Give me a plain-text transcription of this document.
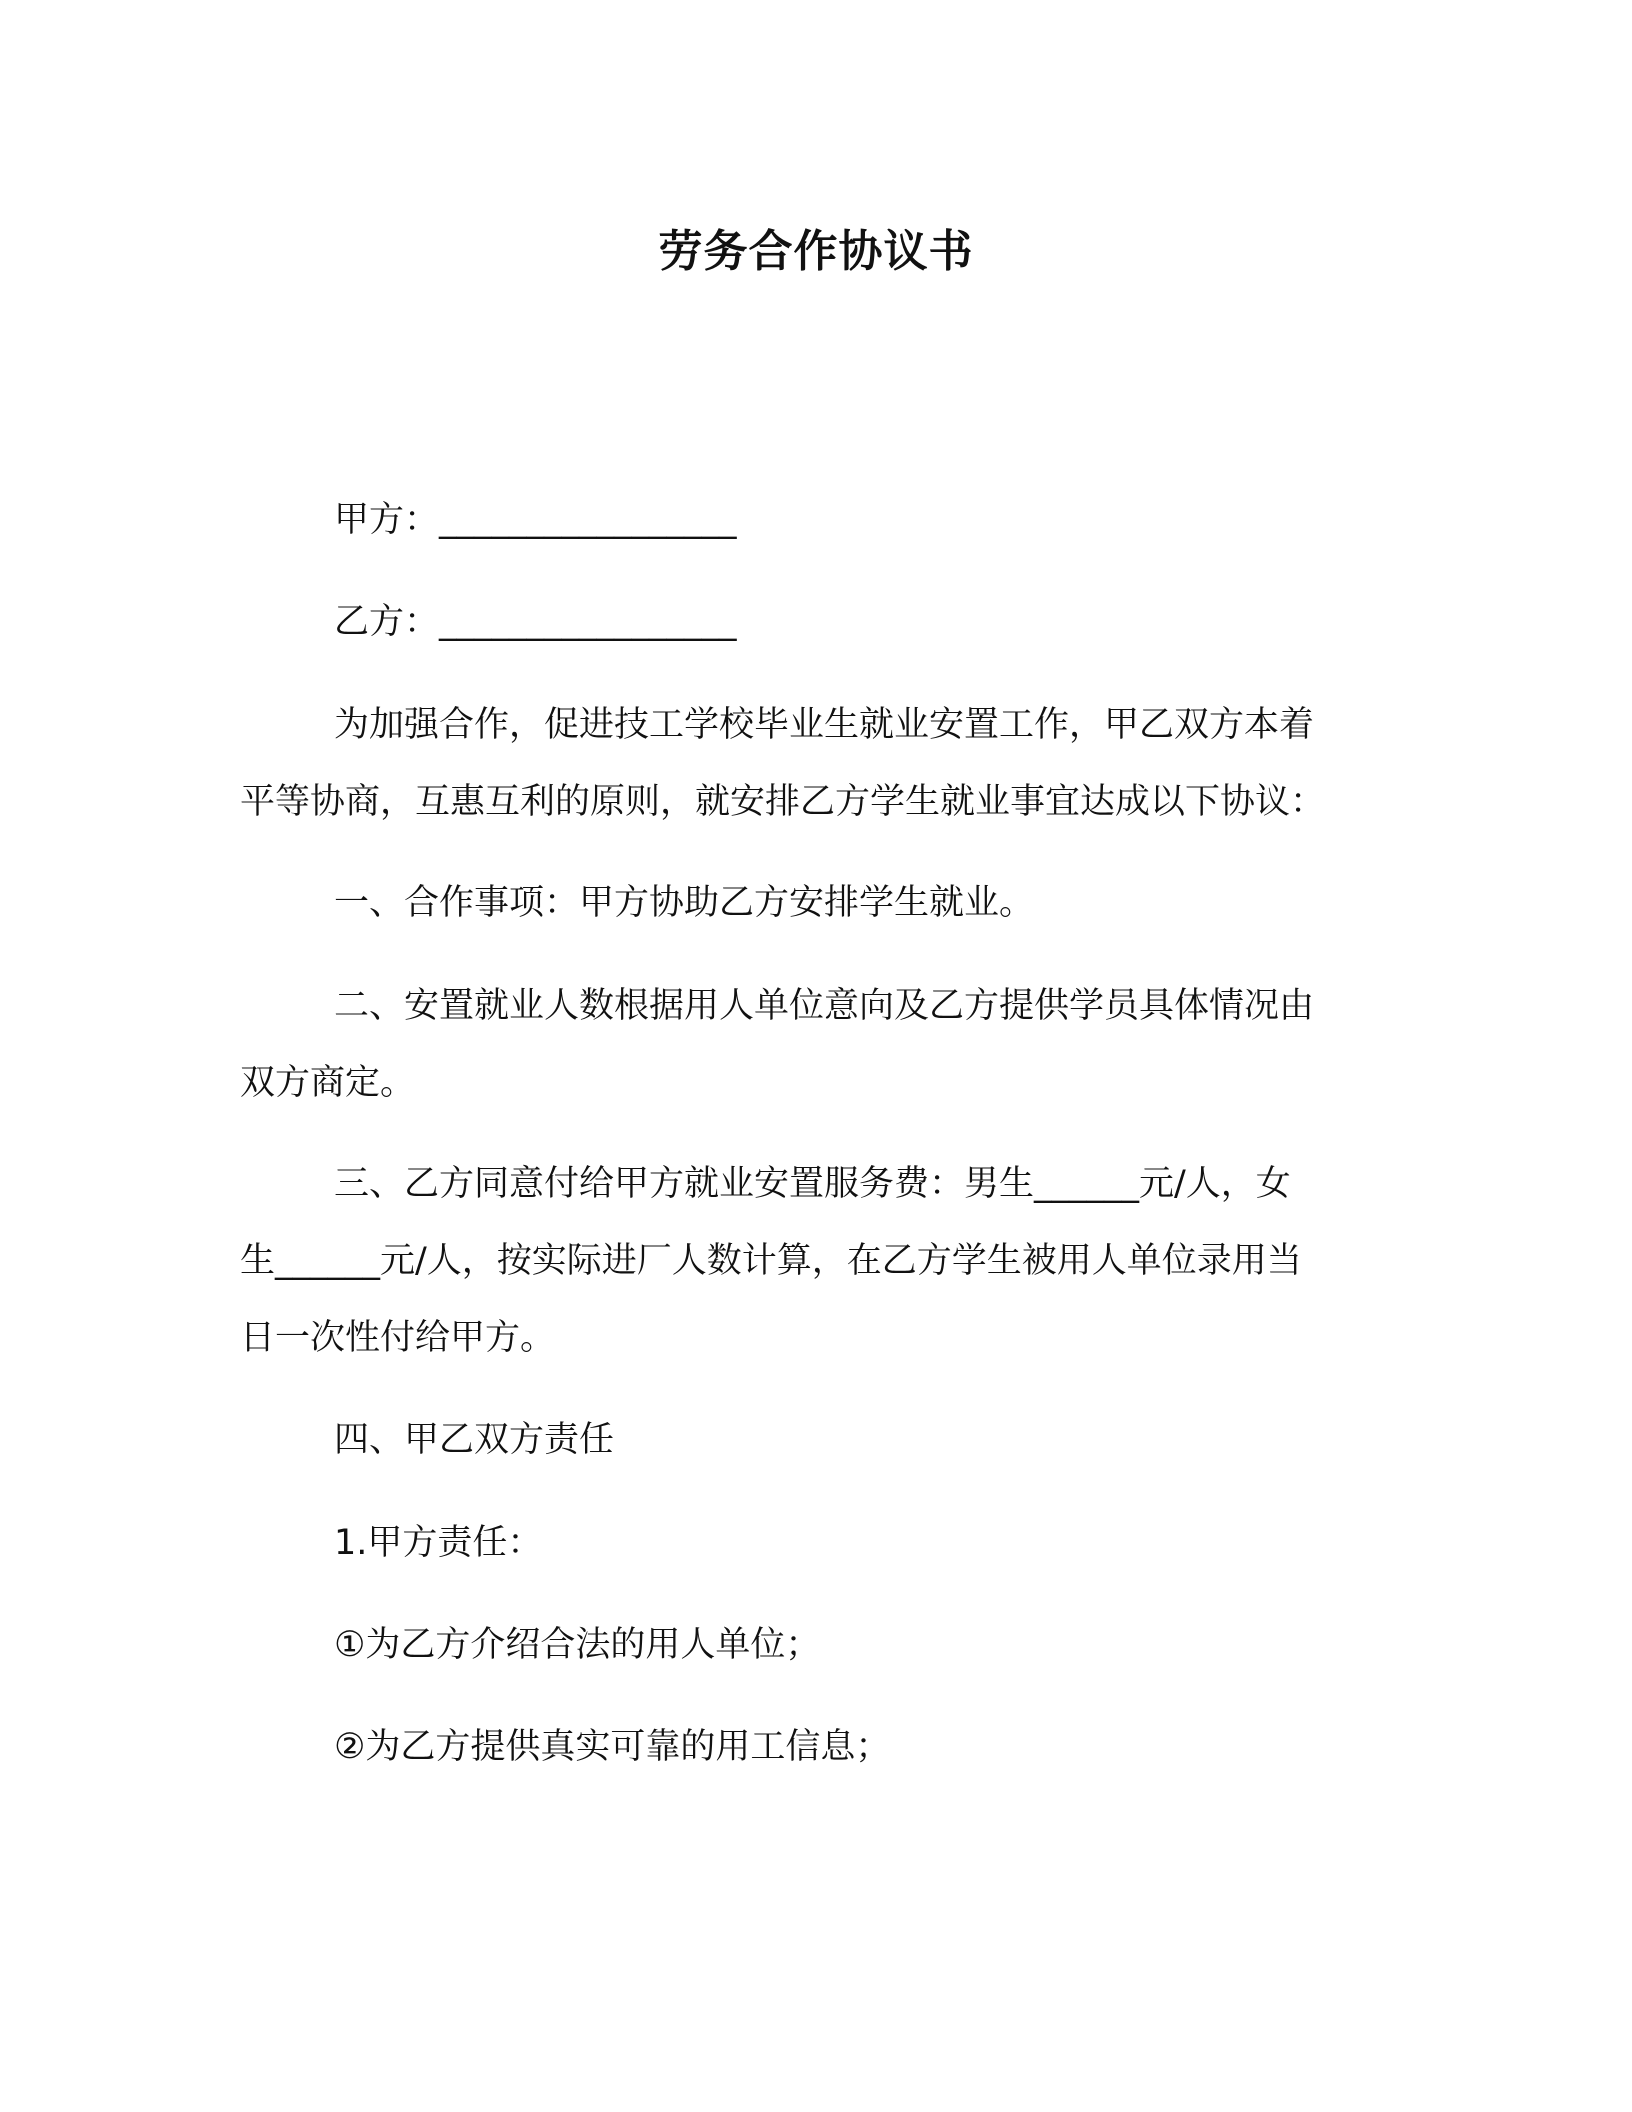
劳务合作协议书
甲方：_________________
乙方：_________________
为加强合作，促进技工学校毕业生就业安置工作，甲乙双方本着
平等协商，互惠互利的原则，就安排乙方学生就业事宜达成以下协议：
一、合作事项：甲方协助乙方安排学生就业。
二、安置就业人数根据用人单位意向及乙方提供学员具体情况由
双方商定。
三、乙方同意付给甲方就业安置服务费：男生______元/人，女
生______元/人，按实际进厂人数计算，在乙方学生被用人单位录用当
日一次性付给甲方。
四、甲乙双方责任
1.甲方责任：
①为乙方介绍合法的用人单位；
②为乙方提供真实可靠的用工信息；
